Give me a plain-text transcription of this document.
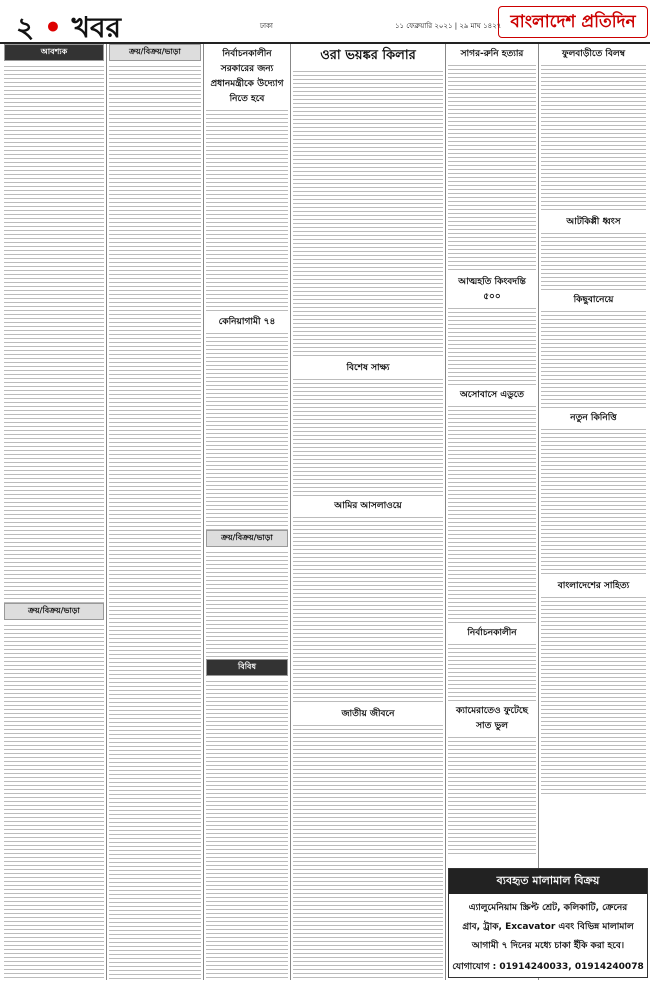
২ • খবর	ঢাকা	১১ ফেব্রুয়ারি ২০২১ | ২৯ মাঘ ১৪২৭ বাংলাদেশ প্রতিদিন
আবশ্যক
ক্রয়/বিক্রয়/ভাড়া
ক্রয়/বিক্রয়/ভাড়া	নির্বাচনকালীন সরকারের জন্য প্রধানমন্ত্রীকে উদ্যোগ নিতে হবে
কেনিয়াগামী ৭৪
ক্রয়/বিক্রয়/ভাড়া
বিবিধ
ওরা ভয়ঙ্কর কিলার
বিশেষ সাক্ষ্য
আমির আসলাওয়ে
জাতীয় জীবনে
সাগর-রুনি হত্যার
আত্মহতি কিংবদন্তি ৫০০
অসোবাসে এডুতে
নির্বাচনকালীন
ক্যামেরাতেও ফুটেছে সাত ভুল
ফুলবাড়ীতে বিলম্ব
আটকিপ্পী ধ্বংস
কিছুবানেয়ে
নতুন কিনিত্তি
বাংলাদেশের সাহিত্য
ব্যবহৃত মালামাল বিক্রয়
এ্যালুমেনিয়াম স্ক্রিপ্ট শ্রেট, কলিকাটি, ক্রেনের
গ্রাব, ট্রাক, Excavator এবং বিভিন্ন মালামাল
আগামী ৭ দিনের মধ্যে চাকা ইঁকি করা হবে।
যোগাযোগ : 01914240033, 01914240078
